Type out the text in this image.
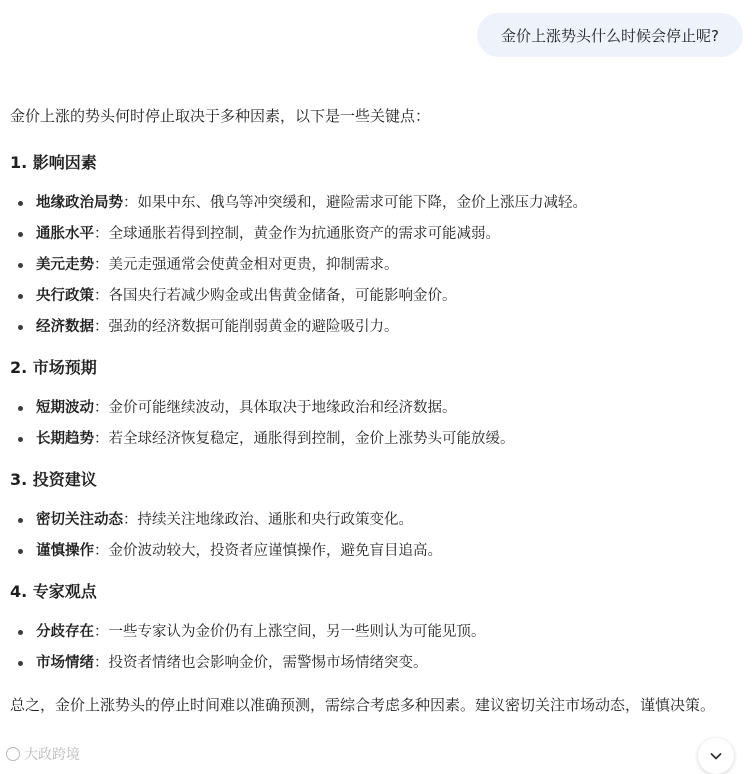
金价上涨势头什么时候会停止呢?

金价上涨的势头何时停止取决于多种因素，以下是一些关键点：

1. 影响因素
地缘政治局势：如果中东、俄乌等冲突缓和，避险需求可能下降，金价上涨压力减轻。
通胀水平：全球通胀若得到控制，黄金作为抗通胀资产的需求可能减弱。
美元走势：美元走强通常会使黄金相对更贵，抑制需求。
央行政策：各国央行若减少购金或出售黄金储备，可能影响金价。
经济数据：强劲的经济数据可能削弱黄金的避险吸引力。
2. 市场预期
短期波动：金价可能继续波动，具体取决于地缘政治和经济数据。
长期趋势：若全球经济恢复稳定，通胀得到控制，金价上涨势头可能放缓。
3. 投资建议
密切关注动态：持续关注地缘政治、通胀和央行政策变化。
谨慎操作：金价波动较大，投资者应谨慎操作，避免盲目追高。
4. 专家观点
分歧存在：一些专家认为金价仍有上涨空间，另一些则认为可能见顶。
市场情绪：投资者情绪也会影响金价，需警惕市场情绪突变。

总之，金价上涨势头的停止时间难以准确预测，需综合考虑多种因素。建议密切关注市场动态，谨慎决策。

大政跨境
